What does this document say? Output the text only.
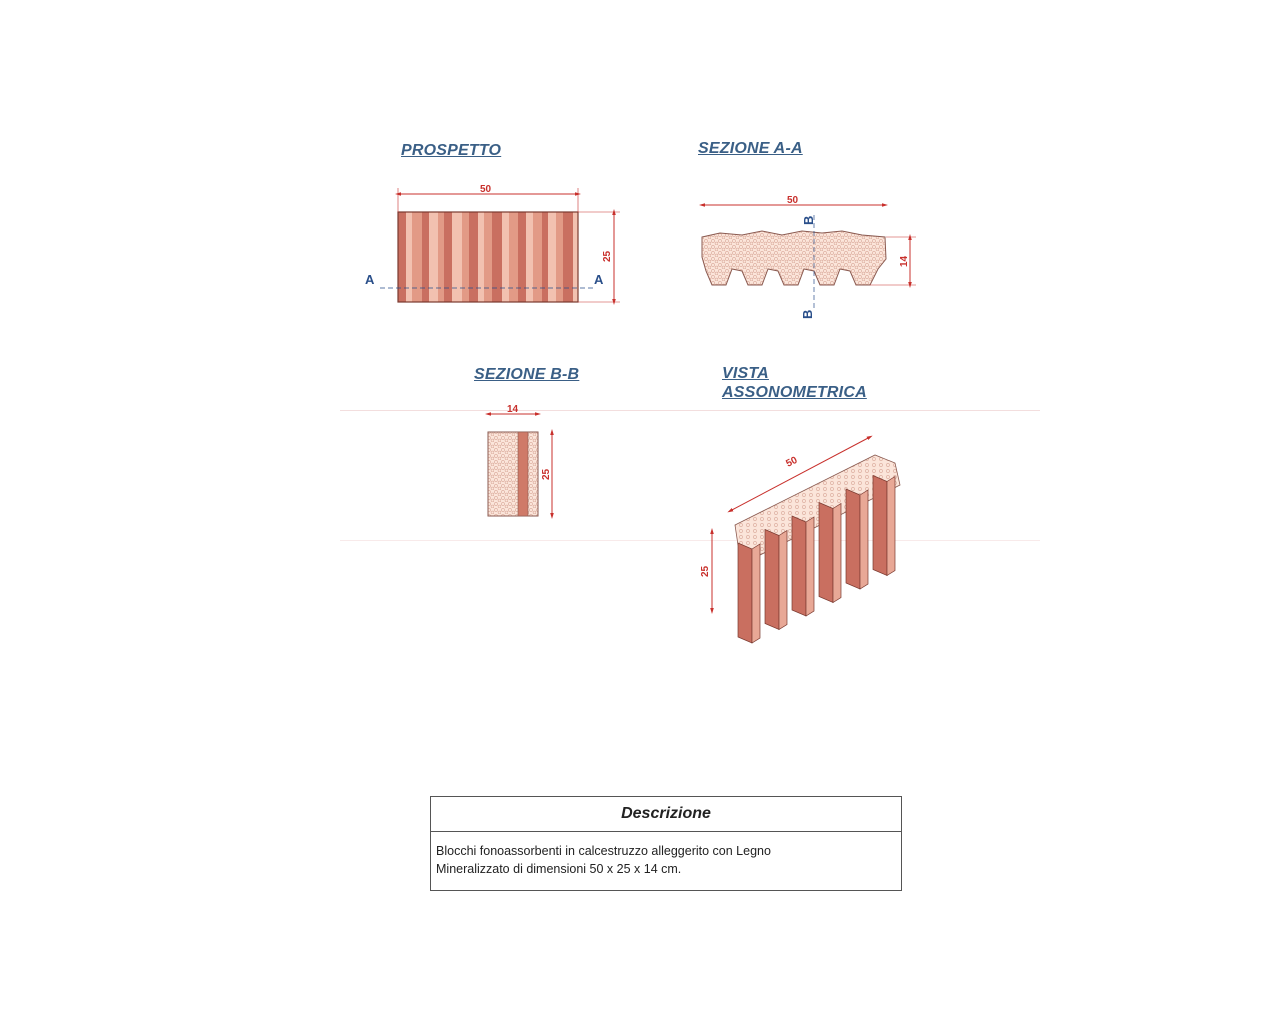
PROSPETTO	SEZIONE A-A
SEZIONE B-B	VISTA
ASSONOMETRICA
50
25
A	A
50
14
B
B
14
25
50
25
Descrizione
Blocchi fonoassorbenti in calcestruzzo alleggerito con Legno
Mineralizzato di dimensioni 50 x 25 x 14 cm.
